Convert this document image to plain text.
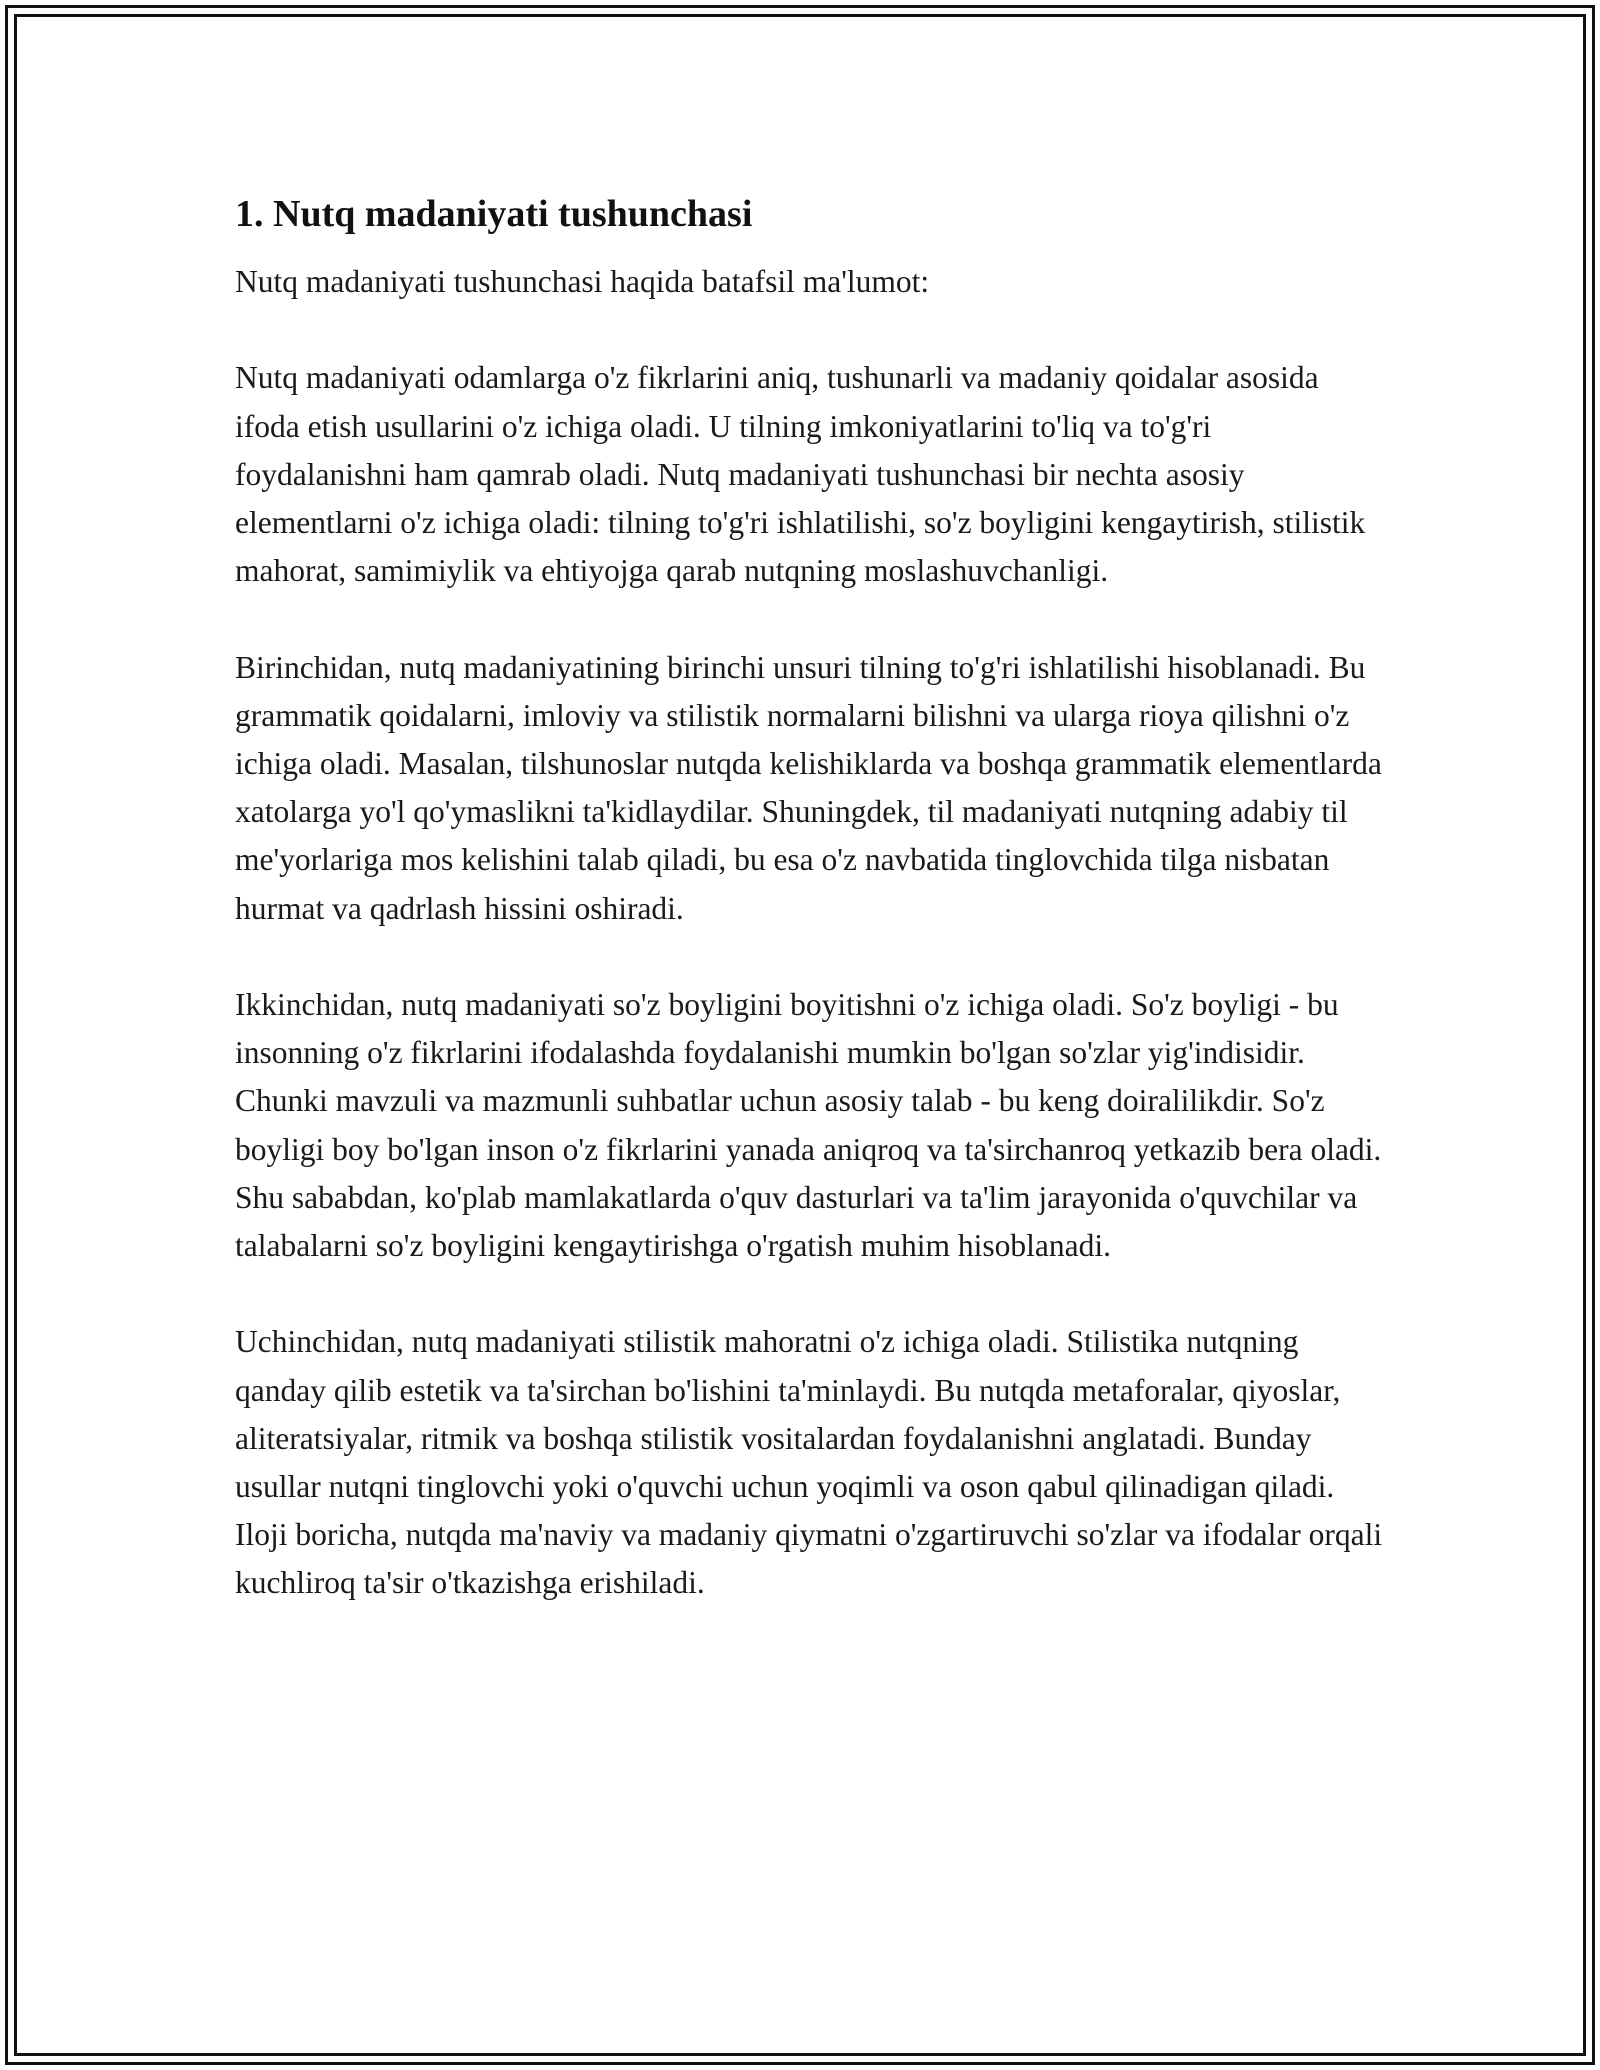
1. Nutq madaniyati tushunchasi

Nutq madaniyati tushunchasi haqida batafsil ma'lumot:

Nutq madaniyati odamlarga o'z fikrlarini aniq, tushunarli va madaniy qoidalar asosida ifoda etish usullarini o'z ichiga oladi. U tilning imkoniyatlarini to'liq va to'g'ri foydalanishni ham qamrab oladi. Nutq madaniyati tushunchasi bir nechta asosiy elementlarni o'z ichiga oladi: tilning to'g'ri ishlatilishi, so'z boyligini kengaytirish, stilistik mahorat, samimiylik va ehtiyojga qarab nutqning moslashuvchanligi.

Birinchidan, nutq madaniyatining birinchi unsuri tilning to'g'ri ishlatilishi hisoblanadi. Bu grammatik qoidalarni, imloviy va stilistik normalarni bilishni va ularga rioya qilishni o'z ichiga oladi. Masalan, tilshunoslar nutqda kelishiklarda va boshqa grammatik elementlarda xatolarga yo'l qo'ymaslikni ta'kidlaydilar. Shuningdek, til madaniyati nutqning adabiy til me'yorlariga mos kelishini talab qiladi, bu esa o'z navbatida tinglovchida tilga nisbatan hurmat va qadrlash hissini oshiradi.

Ikkinchidan, nutq madaniyati so'z boyligini boyitishni o'z ichiga oladi. So'z boyligi - bu insonning o'z fikrlarini ifodalashda foydalanishi mumkin bo'lgan so'zlar yig'indisidir. Chunki mavzuli va mazmunli suhbatlar uchun asosiy talab - bu keng doiralilikdir. So'z boyligi boy bo'lgan inson o'z fikrlarini yanada aniqroq va ta'sirchanroq yetkazib bera oladi. Shu sababdan, ko'plab mamlakatlarda o'quv dasturlari va ta'lim jarayonida o'quvchilar va talabalarni so'z boyligini kengaytirishga o'rgatish muhim hisoblanadi.

Uchinchidan, nutq madaniyati stilistik mahoratni o'z ichiga oladi. Stilistika nutqning qanday qilib estetik va ta'sirchan bo'lishini ta'minlaydi. Bu nutqda metaforalar, qiyoslar, aliteratsiyalar, ritmik va boshqa stilistik vositalardan foydalanishni anglatadi. Bunday usullar nutqni tinglovchi yoki o'quvchi uchun yoqimli va oson qabul qilinadigan qiladi. Iloji boricha, nutqda ma'naviy va madaniy qiymatni o'zgartiruvchi so'zlar va ifodalar orqali kuchliroq ta'sir o'tkazishga erishiladi.
